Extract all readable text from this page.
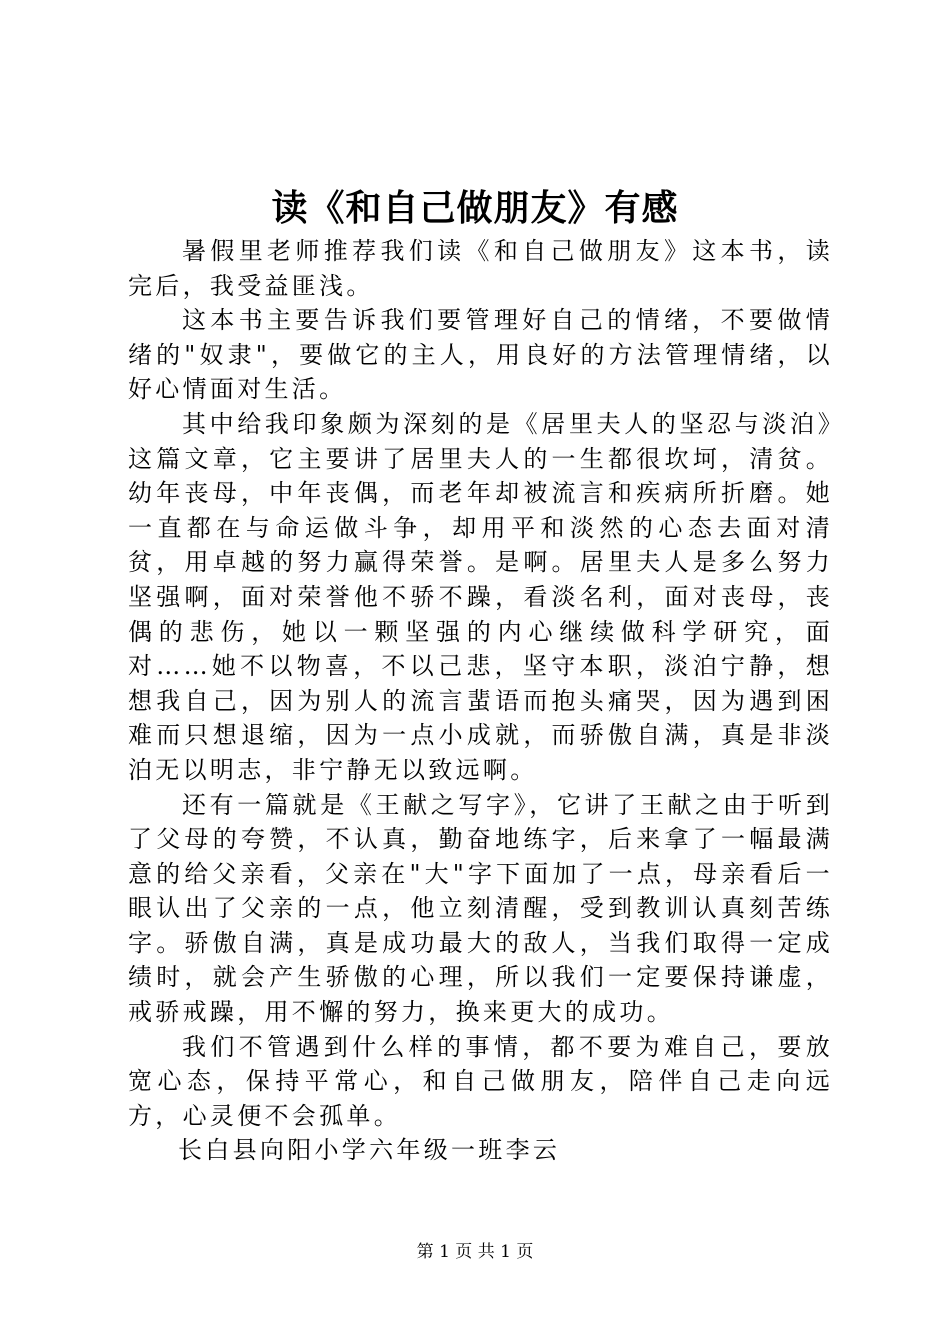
读《和自己做朋友》有感

暑假里老师推荐我们读《和自己做朋友》这本书，读完后，我受益匪浅。

这本书主要告诉我们要管理好自己的情绪，不要做情绪的"奴隶"，要做它的主人，用良好的方法管理情绪，以好心情面对生活。

其中给我印象颇为深刻的是《居里夫人的坚忍与淡泊》这篇文章，它主要讲了居里夫人的一生都很坎坷，清贫。幼年丧母，中年丧偶，而老年却被流言和疾病所折磨。她一直都在与命运做斗争，却用平和淡然的心态去面对清贫，用卓越的努力赢得荣誉。是啊。居里夫人是多么努力坚强啊，面对荣誉他不骄不躁，看淡名利，面对丧母，丧偶的悲伤，她以一颗坚强的内心继续做科学研究，面对……她不以物喜，不以己悲，坚守本职，淡泊宁静，想想我自己，因为别人的流言蜚语而抱头痛哭，因为遇到困难而只想退缩，因为一点小成就，而骄傲自满，真是非淡泊无以明志，非宁静无以致远啊。

还有一篇就是《王献之写字》，它讲了王献之由于听到了父母的夸赞，不认真，勤奋地练字，后来拿了一幅最满意的给父亲看，父亲在"大"字下面加了一点，母亲看后一眼认出了父亲的一点，他立刻清醒，受到教训认真刻苦练字。骄傲自满，真是成功最大的敌人，当我们取得一定成绩时，就会产生骄傲的心理，所以我们一定要保持谦虚，戒骄戒躁，用不懈的努力，换来更大的成功。

我们不管遇到什么样的事情，都不要为难自己，要放宽心态，保持平常心，和自己做朋友，陪伴自己走向远方，心灵便不会孤单。

长白县向阳小学六年级一班李云

第 1 页 共 1 页
